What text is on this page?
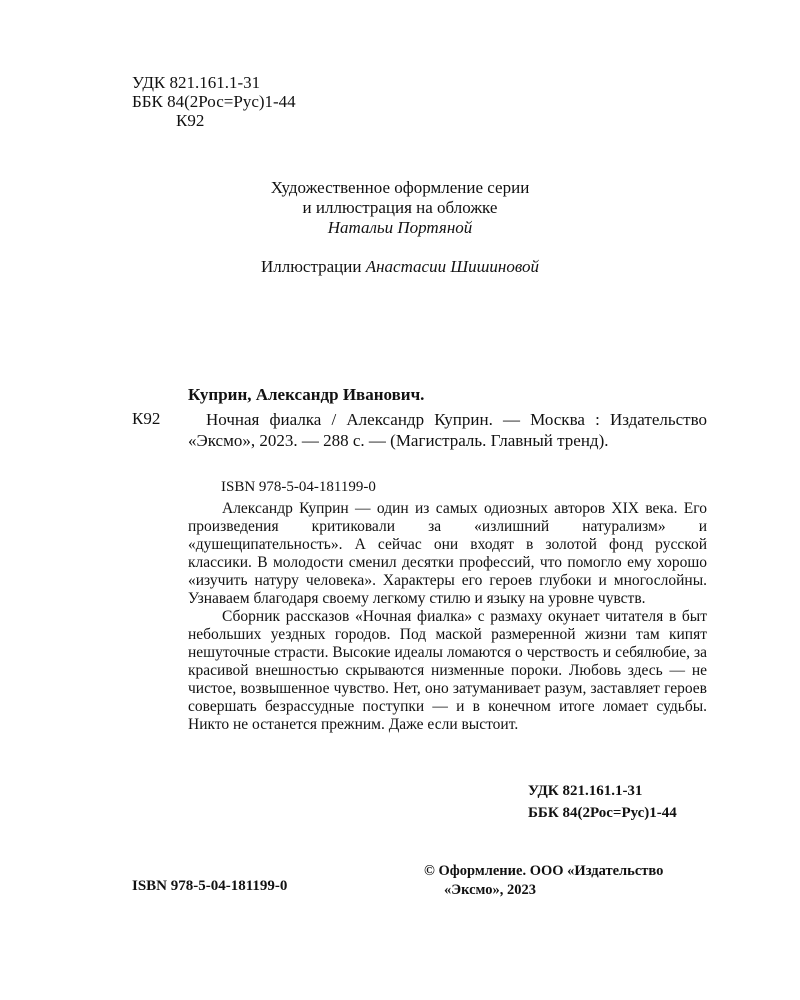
УДК 821.161.1-31
ББК 84(2Рос=Рус)1-44
К92
Художественное оформление серии
и иллюстрация на обложке
Натальи Портяной
Иллюстрации Анастасии Шишиновой
Куприн, Александр Иванович.
К92	Ночная фиалка / Александр Куприн. — Москва : Издательство «Эксмо», 2023. — 288 с. — (Магистраль. Главный тренд).
ISBN 978-5-04-181199-0

Александр Куприн — один из самых одиозных авторов XIX века. Его произведения критиковали за «излишний натурализм» и «душещипательность». А сейчас они входят в золотой фонд русской классики. В молодости сменил десятки профессий, что помогло ему хорошо «изучить натуру человека». Характеры его героев глубоки и многослойны. Узнаваем благодаря своему легкому стилю и языку на уровне чувств.

Сборник рассказов «Ночная фиалка» с размаху окунает читателя в быт небольших уездных городов. Под маской размеренной жизни там кипят нешуточные страсти. Высокие идеалы ломаются о черствость и себялюбие, за красивой внешностью скрываются низменные пороки. Любовь здесь — не чистое, возвышенное чувство. Нет, оно затуманивает разум, заставляет героев совершать безрассудные поступки — и в конечном итоге ломает судьбы. Никто не останется прежним. Даже если выстоит.

УДК 821.161.1-31
ББК 84(2Рос=Рус)1-44
© Оформление. ООО «Издательство
«Эксмо», 2023
ISBN 978-5-04-181199-0
